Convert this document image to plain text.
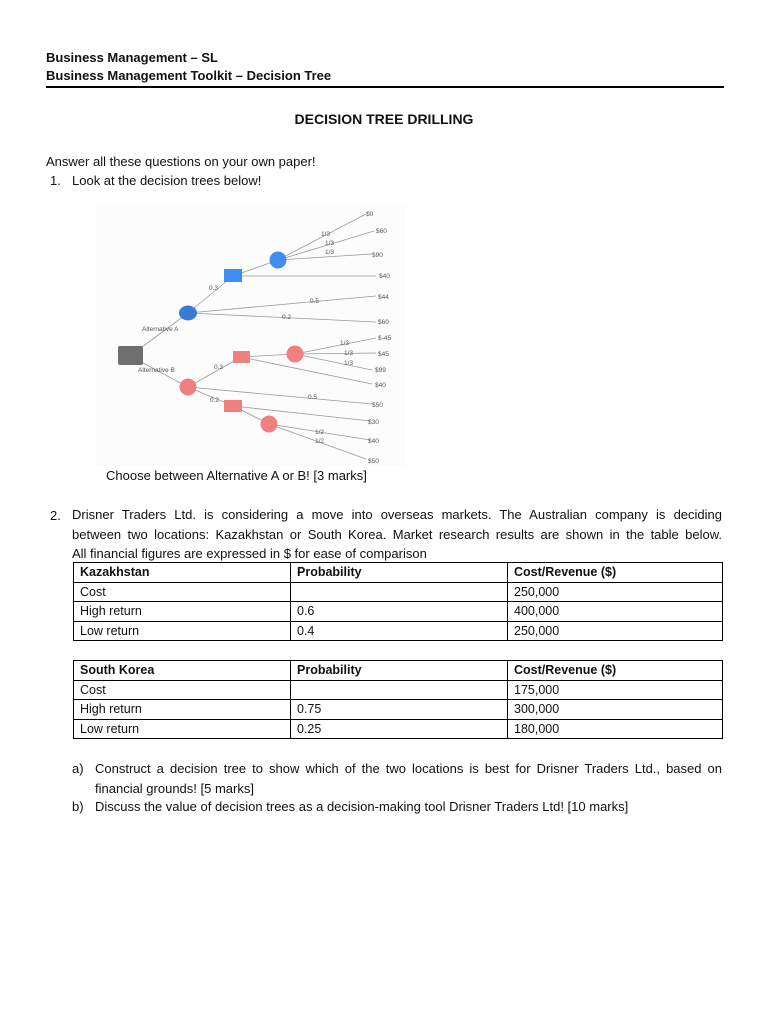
Business Management – SL
Business Management Toolkit – Decision Tree
DECISION TREE DRILLING
Answer all these questions on your own paper!
1. Look at the decision trees below!
Alternative A
Alternative B
0.3
0.5
0.2
1/3
1/3
1/3
0.3
0.5
0.2
1/3
1/3
1/3
1/2
1/2
$0
$60
$90
$40
$44
$60
$-45
$45
$99
$40
$50
$30
$40
$50
Choose between Alternative A or B! [3 marks]
2. Drisner Traders Ltd. is considering a move into overseas markets. The Australian company is deciding
between two locations: Kazakhstan or South Korea. Market research results are shown in the table below.
All financial figures are expressed in $ for ease of comparison
Kazakhstan	Probability	Cost/Revenue ($)
Cost		250,000
High return	0.6	400,000
Low return	0.4	250,000
South Korea	Probability	Cost/Revenue ($)
Cost		175,000
High return	0.75	300,000
Low return	0.25	180,000
a) Construct a decision tree to show which of the two locations is best for Drisner Traders Ltd., based on
financial grounds! [5 marks]
b) Discuss the value of decision trees as a decision-making tool Drisner Traders Ltd! [10 marks]
